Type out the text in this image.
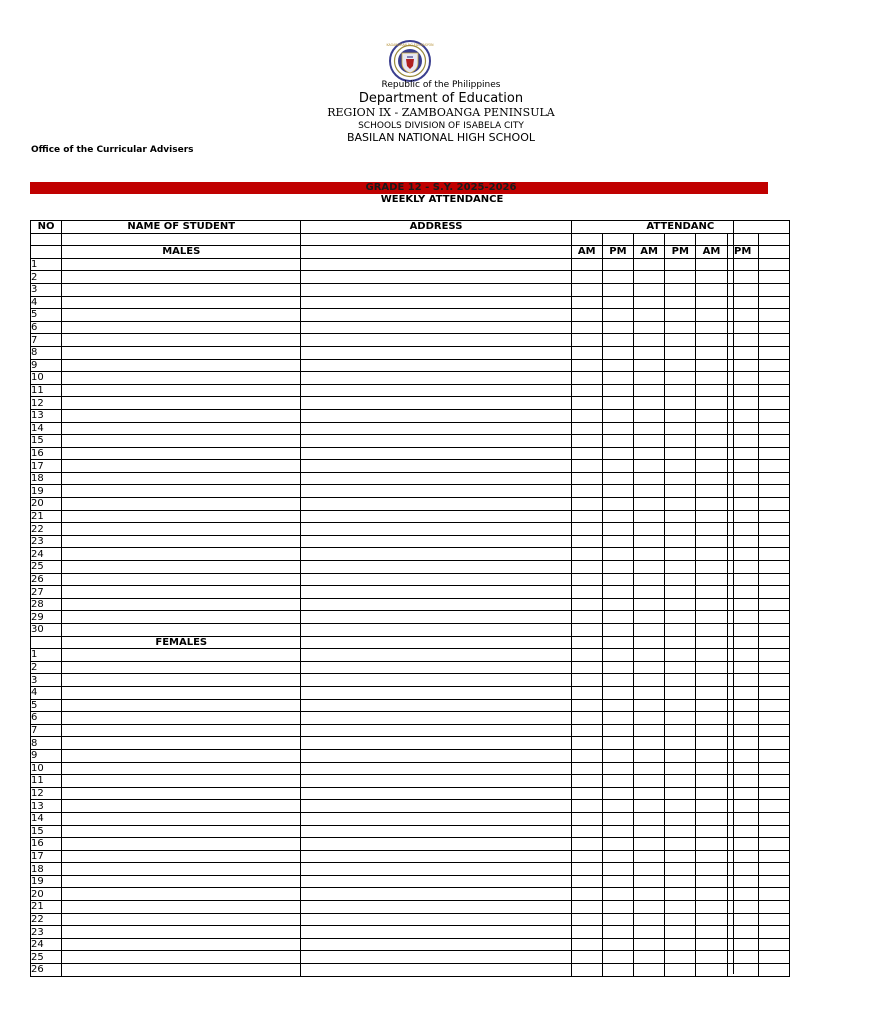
KAGAWARAN NG EDUKASYON
Republic of the Philippines
Department of Education
REGION IX - ZAMBOANGA PENINSULA
SCHOOLS DIVISION OF ISABELA CITY
BASILAN NATIONAL HIGH SCHOOL
Office of the Curricular Advisers
GRADE 12 - S.Y. 2025-2026
WEEKLY ATTENDANCE
NO	NAME OF STUDENT	ADDRESS	ATTENDANC						

	MALES		AM	PM	AM	PM	AM	PM	
1									
2									
3									
4									
5									
6									
7									
8									
9									
10									
11									
12									
13									
14									
15									
16									
17									
18									
19									
20									
21									
22									
23									
24									
25									
26									
27									
28									
29									
30									
	FEMALES								
1									
2									
3									
4									
5									
6									
7									
8									
9									
10									
11									
12									
13									
14									
15									
16									
17									
18									
19									
20									
21									
22									
23									
24									
25									
26									
